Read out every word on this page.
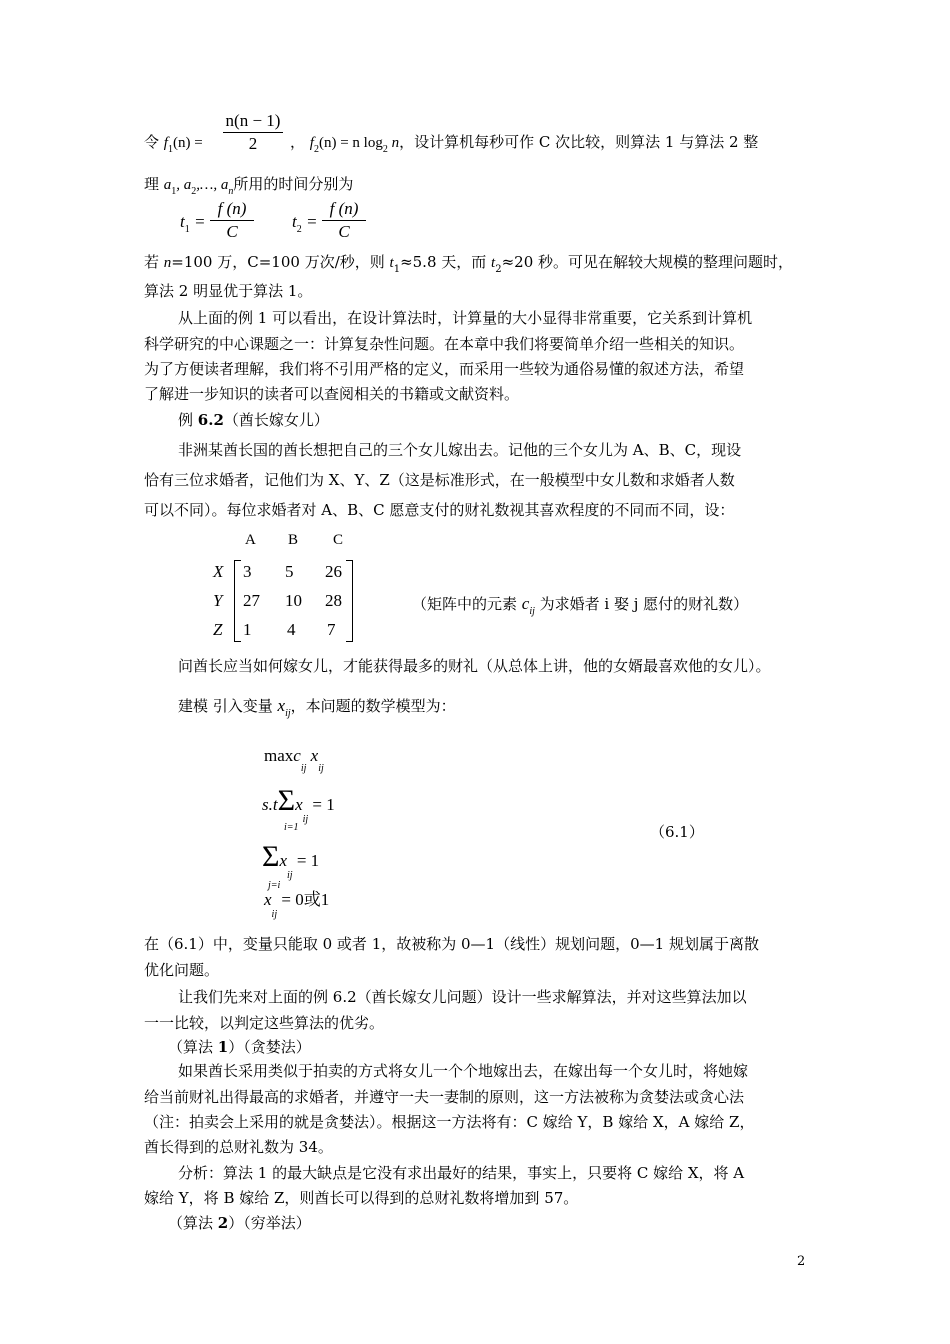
令 $f_1(n)$ =
n(n − 1)
2	， $f_2(n) = n$ $\log_2 n$，设计算机每秒可作 C 次比较，则算法 1 与算法 2 整
理 $a_1$, $a_2,\dots$, $a_n$所用的时间分别为
$t_1$ =
f (n)
C
$t_2$ =
f (n)
C
若 n=100 万，C=100 万次/秒，则 $t_1\approx 5.8$ 天，而 $t_2\approx 20$ 秒。可见在解较大规模的整理问题时，
算法 2 明显优于算法 1。
从上面的例 1 可以看出，在设计算法时，计算量的大小显得非常重要，它关系到计算机
科学研究的中心课题之一：计算复杂性问题。在本章中我们将要简单介绍一些相关的知识。
为了方便读者理解，我们将不引用严格的定义，而采用一些较为通俗易懂的叙述方法，希望
了解进一步知识的读者可以查阅相关的书籍或文献资料。
例 6.2（酋长嫁女儿）
非洲某酋长国的酋长想把自己的三个女儿嫁出去。记他的三个女儿为 A、B、C，现设
恰有三位求婚者，记他们为 X、Y、Z（这是标准形式，在一般模型中女儿数和求婚者人数
可以不同）。每位求婚者对 A、B、C 愿意支付的财礼数视其喜欢程度的不同而不同，设：
A B C
X
Y
Z
3 5 26
27 10 28
1 4 7
（矩阵中的元素 $c_{ij}$ 为求婚者 i 娶 j 愿付的财礼数）
问酋长应当如何嫁女儿，才能获得最多的财礼（从总体上讲，他的女婿最喜欢他的女儿）。
建模 引入变量 $x_{ij}$，本问题的数学模型为：
maxc$_{ij}$ $x_{ij}$
s.tΣx$_{ij}$ = 1
i=1
$\Sigma x_{ij} = 1$
j=i
$x_{ij} = 0$或1
（6.1）
在（6.1）中，变量只能取 0 或者 1，故被称为 0—1（线性）规划问题，0—1 规划属于离散
优化问题。
让我们先来对上面的例 6.2（酋长嫁女儿问题）设计一些求解算法，并对这些算法加以
一一比较，以判定这些算法的优劣。
（算法 1）（贪婪法）
如果酋长采用类似于拍卖的方式将女儿一个个地嫁出去，在嫁出每一个女儿时，将她嫁
给当前财礼出得最高的求婚者，并遵守一夫一妻制的原则，这一方法被称为贪婪法或贪心法
（注：拍卖会上采用的就是贪婪法）。根据这一方法将有：C 嫁给 Y，B 嫁给 X，A 嫁给 Z，
酋长得到的总财礼数为 34。
分析：算法 1 的最大缺点是它没有求出最好的结果，事实上，只要将 C 嫁给 X，将 A
嫁给 Y，将 B 嫁给 Z，则酋长可以得到的总财礼数将增加到 57。
（算法 2）（穷举法）
2
